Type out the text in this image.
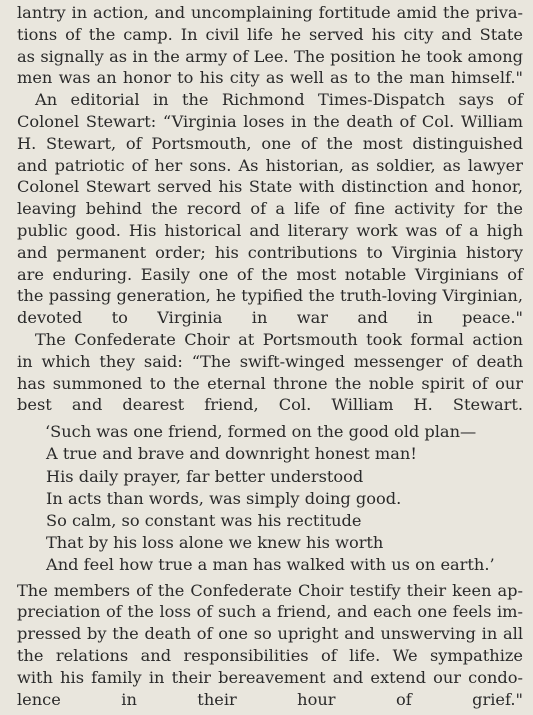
lantry in action, and uncomplaining fortitude amid the priva-
tions of the camp. In civil life he served his city and State
as signally as in the army of Lee. The position he took among
men was an honor to his city as well as to the man himself."

An editorial in the Richmond Times-Dispatch says of
Colonel Stewart: “Virginia loses in the death of Col. William
H. Stewart, of Portsmouth, one of the most distinguished
and patriotic of her sons. As historian, as soldier, as lawyer
Colonel Stewart served his State with distinction and honor,
leaving behind the record of a life of fine activity for the
public good. His historical and literary work was of a high
and permanent order; his contributions to Virginia history
are enduring. Easily one of the most notable Virginians of
the passing generation, he typified the truth-loving Virginian,
devoted to Virginia in war and in peace."

The Confederate Choir at Portsmouth took formal action
in which they said: “The swift-winged messenger of death
has summoned to the eternal throne the noble spirit of our
best and dearest friend, Col. William H. Stewart.

‘Such was one friend, formed on the good old plan—
A true and brave and downright honest man!
His daily prayer, far better understood
In acts than words, was simply doing good.
So calm, so constant was his rectitude
That by his loss alone we knew his worth
And feel how true a man has walked with us on earth.’

The members of the Confederate Choir testify their keen ap-
preciation of the loss of such a friend, and each one feels im-
pressed by the death of one so upright and unswerving in all
the relations and responsibilities of life. We sympathize
with his family in their bereavement and extend our condo-
lence in their hour of grief."
